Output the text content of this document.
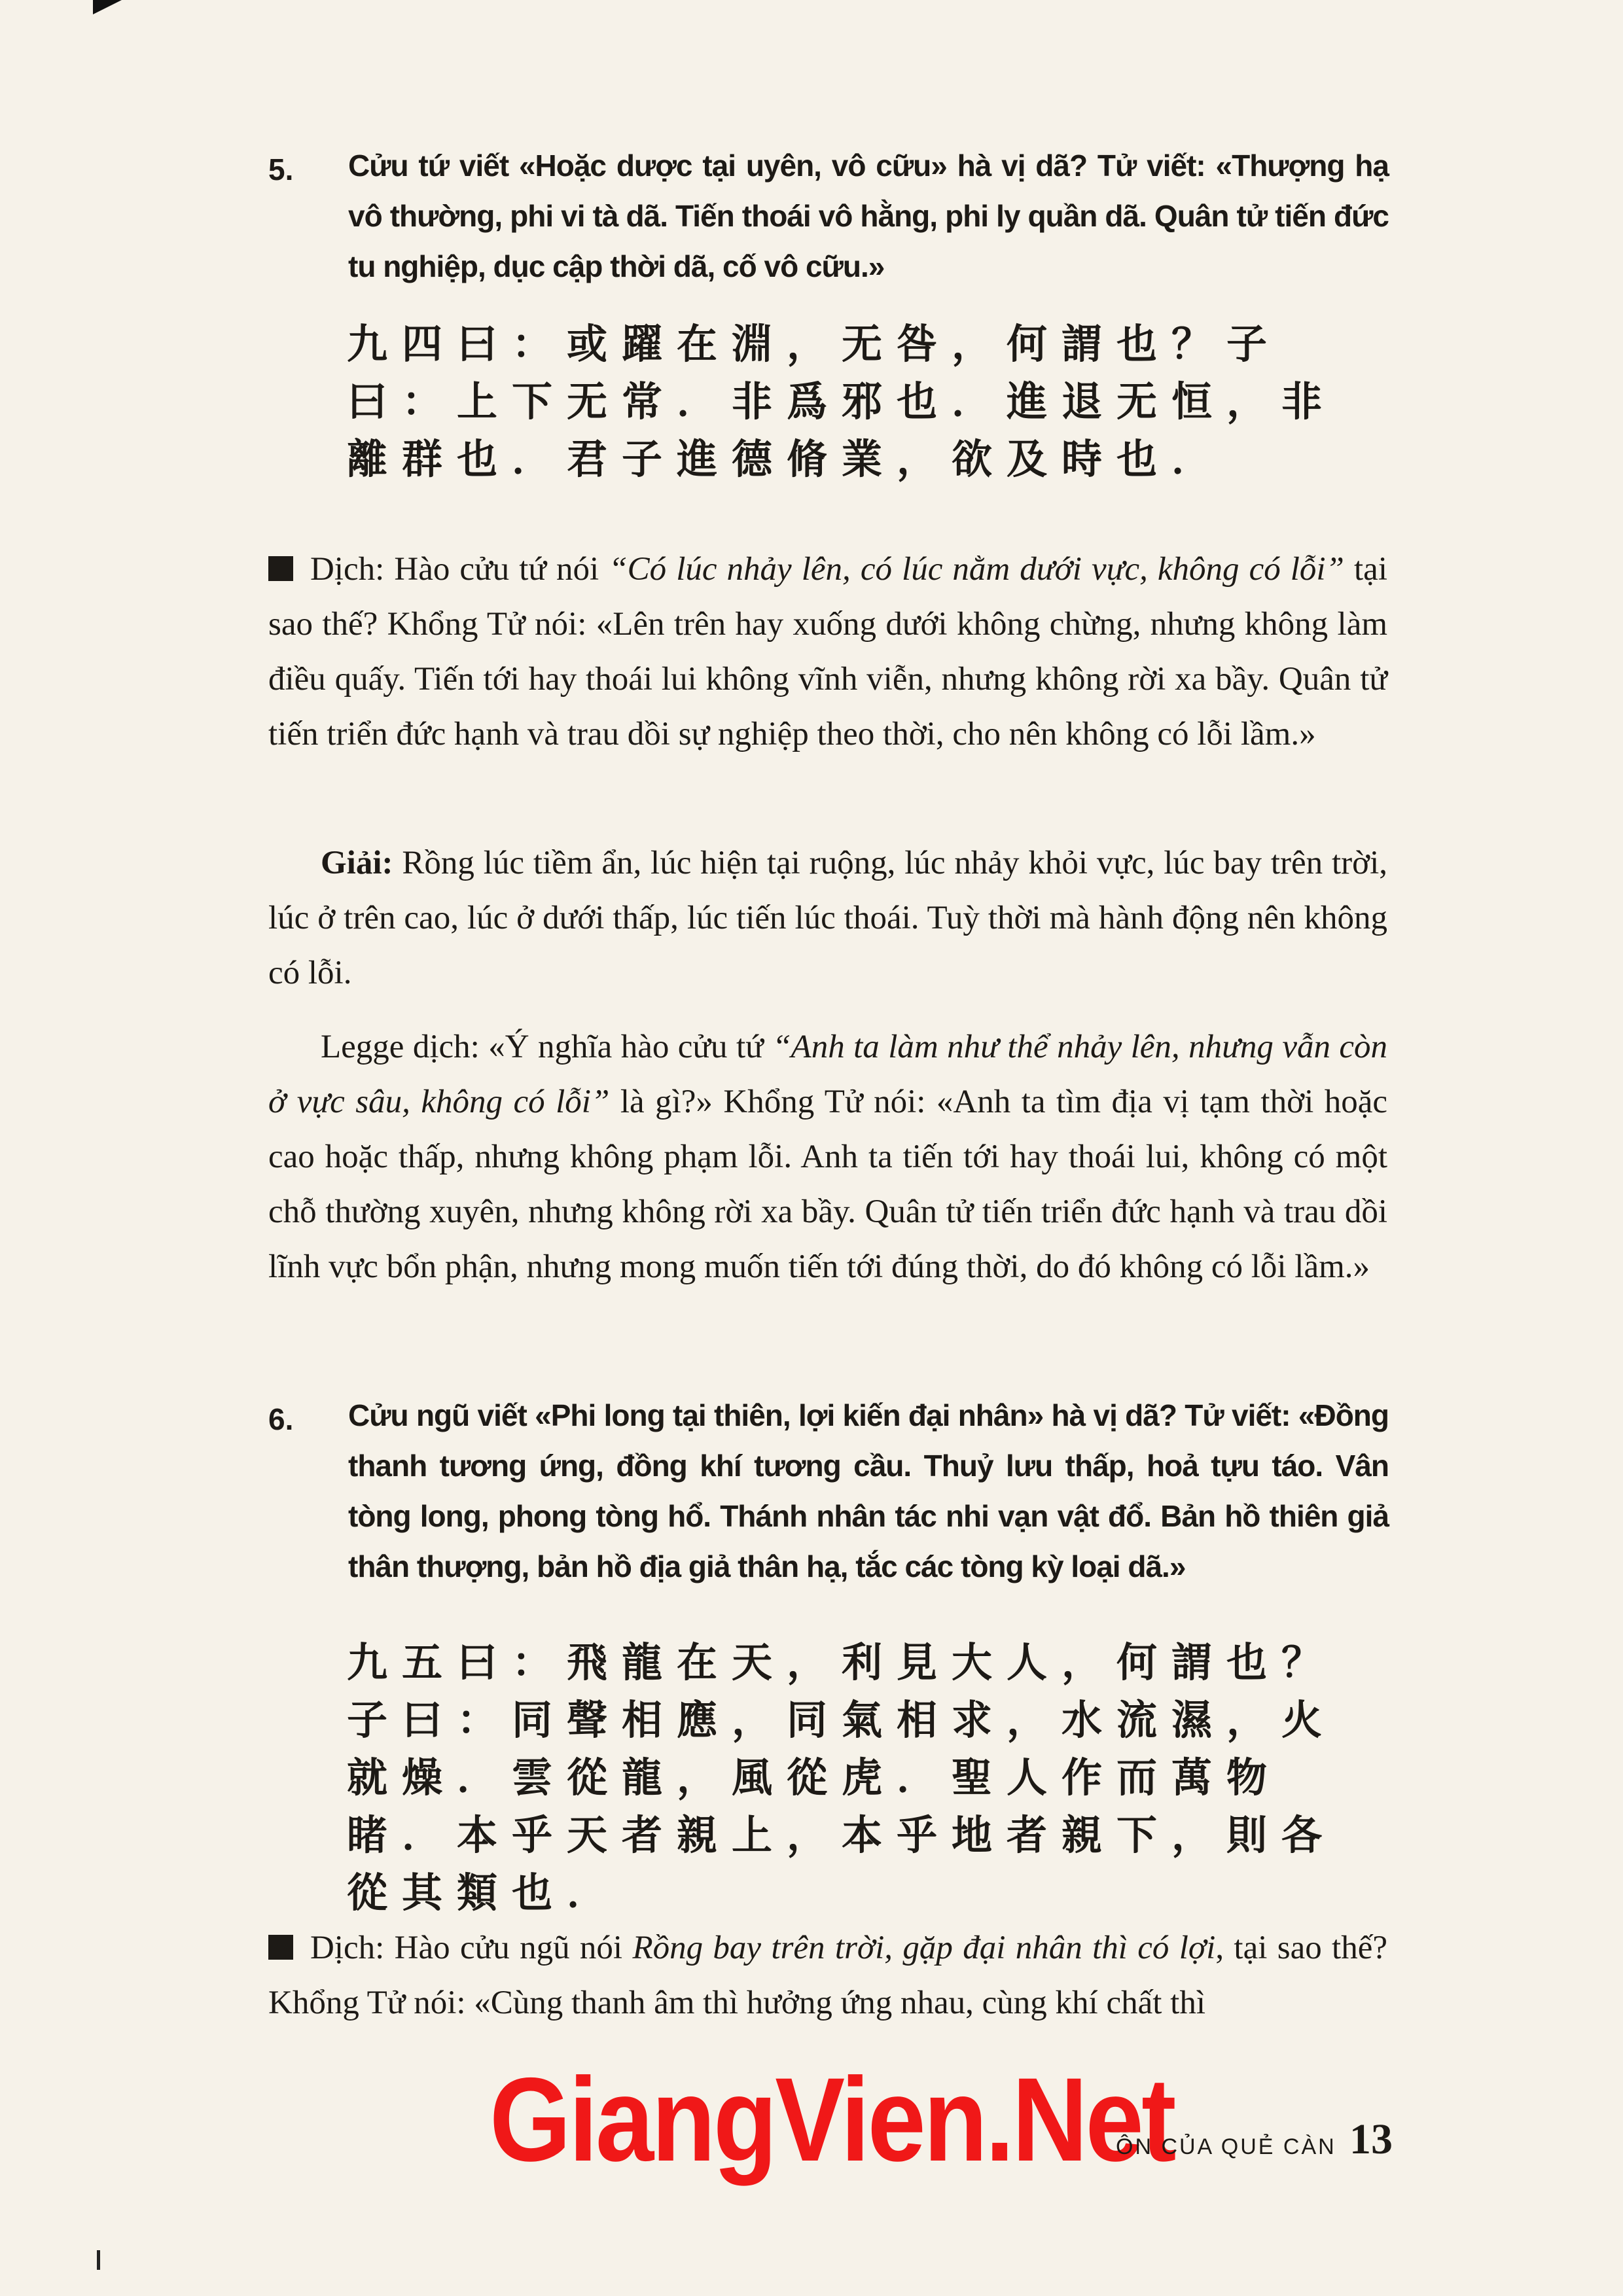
5. Cửu tứ viết «Hoặc dược tại uyên, vô cữu» hà vị dã? Tử viết: «Thượng hạ vô thường, phi vi tà dã. Tiến thoái vô hằng, phi ly quần dã. Quân tử tiến đức tu nghiệp, dục cập thời dã, cố vô cữu.»

九四曰：或躍在淵，无咎，何謂也？子曰：上下无常．非爲邪也．進退无恒，非離群也．君子進德脩業，欲及時也．

Dịch: Hào cửu tứ nói “Có lúc nhảy lên, có lúc nằm dưới vực, không có lỗi” tại sao thế? Khổng Tử nói: «Lên trên hay xuống dưới không chừng, nhưng không làm điều quấy. Tiến tới hay thoái lui không vĩnh viễn, nhưng không rời xa bầy. Quân tử tiến triển đức hạnh và trau dồi sự nghiệp theo thời, cho nên không có lỗi lầm.»

Giải: Rồng lúc tiềm ẩn, lúc hiện tại ruộng, lúc nhảy khỏi vực, lúc bay trên trời, lúc ở trên cao, lúc ở dưới thấp, lúc tiến lúc thoái. Tuỳ thời mà hành động nên không có lỗi.

Legge dịch: «Ý nghĩa hào cửu tứ “Anh ta làm như thể nhảy lên, nhưng vẫn còn ở vực sâu, không có lỗi” là gì?» Khổng Tử nói: «Anh ta tìm địa vị tạm thời hoặc cao hoặc thấp, nhưng không phạm lỗi. Anh ta tiến tới hay thoái lui, không có một chỗ thường xuyên, nhưng không rời xa bầy. Quân tử tiến triển đức hạnh và trau dồi lĩnh vực bổn phận, nhưng mong muốn tiến tới đúng thời, do đó không có lỗi lầm.»

6. Cửu ngũ viết «Phi long tại thiên, lợi kiến đại nhân» hà vị dã? Tử viết: «Đồng thanh tương ứng, đồng khí tương cầu. Thuỷ lưu thấp, hoả tựu táo. Vân tòng long, phong tòng hổ. Thánh nhân tác nhi vạn vật đổ. Bản hồ thiên giả thân thượng, bản hồ địa giả thân hạ, tắc các tòng kỳ loại dã.»

九五曰：飛龍在天，利見大人，何謂也？子曰：同聲相應，同氣相求，水流濕，火就燥．雲從龍，風從虎．聖人作而萬物睹．本乎天者親上，本乎地者親下，則各從其類也．

Dịch: Hào cửu ngũ nói Rồng bay trên trời, gặp đại nhân thì có lợi, tại sao thế? Khổng Tử nói: «Cùng thanh âm thì hưởng ứng nhau, cùng khí chất thì

GiangVien.Net
ÔN CỦA QUẺ CÀN 13
